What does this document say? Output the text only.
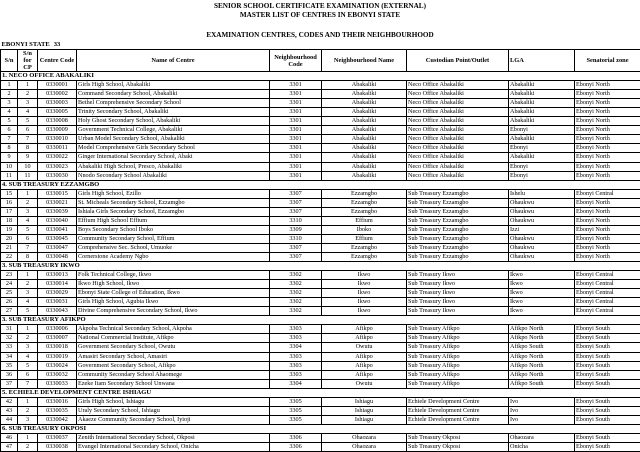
SENIOR SCHOOL CERTIFICATE EXAMINATION (EXTERNAL)
MASTER LIST OF CENTRES IN EBONYI STATE
EXAMINATION CENTRES, CODES AND THEIR NEIGHBOURHOOD
EBONYI STATE		33						
S/n	S/n for CP	Centre Code	Name of Centre	Neighbourhood Code	Neighbourhood Name	Custodian Point/Outlet	LGA	Senatorial zone

1. NECO OFFICE ABAKALIKI								
1	1	0330001	Girls High School, Abakaliki	3301	Abakaliki	Neco Office Abakaliki	Abakaliki	Ebonyi North
2	2	0330002	Command Secondary School, Abakaliki	3301	Abakaliki	Neco Office Abakaliki	Abakaliki	Ebonyi North
3	3	0330003	Bethel Comprehensive Secondary School	3301	Abakaliki	Neco Office Abakaliki	Abakaliki	Ebonyi North
4	4	0330005	Trinity Secondary School, Abakaliki	3301	Abakaliki	Neco Office Abakaliki	Abakaliki	Ebonyi North
5	5	0330008	Holy Ghost Secondary School, Abakaliki	3301	Abakaliki	Neco Office Abakaliki	Abakaliki	Ebonyi North
6	6	0330009	Government Technical College, Abakaliki	3301	Abakaliki	Neco Office Abakaliki	Ebonyi	Ebonyi North
7	7	0330010	Urban Model Secondary School, Abakaliki	3301	Abakaliki	Neco Office Abakaliki	Abakaliki	Ebonyi North
8	8	0330011	Model Comprehensive Girls Secondary School	3301	Abakaliki	Neco Office Abakaliki	Ebonyi	Ebonyi North
9	9	0330022	Ginger International Secondary School, Abaki	3301	Abakaliki	Neco Office Abakaliki	Abakaliki	Ebonyi North
10	10	0330023	Abakaliki High School, Presco, Abakaliki	3301	Abakaliki	Neco Office Abakaliki	Ebonyi	Ebonyi North
11	11	0330030	Nnodo Secondary School Abakaliki	3301	Abakaliki	Neco Office Abakaliki	Ebonyi	Ebonyi North
4. SUB TREASURY EZZAMGBO								
15	1	0330015	Girls High School, Ezillo	3307	Ezzamgbo	Sub Treasury Ezzamgbo	Ishelu	Ebonyi Central
16	2	0330021	St. Micheals Secondary School, Ezzamgbo	3307	Ezzamgbo	Sub Treasury Ezzamgbo	Ohaukwu	Ebonyi North
17	3	0330039	Ishiala Girls Secondary School, Ezzamgbo	3307	Ezzamgbo	Sub Treasury Ezzamgbo	Ohaukwu	Ebonyi North
18	4	0330040	Effium High School Effium	3310	Effium	Sub Treasury Ezzamgbo	Ohaukwu	Ebonyi North
19	5	0330041	Boys Secondary School Iboko	3309	Iboko	Sub Treasury Ezzamgbo	Izzi	Ebonyi North
20	6	0330045	Community Secondary School, Effium	3310	Effium	Sub Treasury Ezzamgbo	Ohaukwu	Ebonyi North
21	7	0330047	Comprehensive Sec. School, Umuoke	3307	Ezzamgbo	Sub Treasury Ezzamgbo	Ohaukwu	Ebonyi North
22	8	0330048	Cornerstone Academy Ngbo	3307	Ezzamgbo	Sub Treasury Ezzamgbo	Ohaukwu	Ebonyi North
3. SUB TREASURY IKWO								
23	1	0330013	Folk Technical College, Ikwo	3302	Ikwo	Sub Treasury Ikwo	Ikwo	Ebonyi Central
24	2	0330014	Ikwo High School, Ikwo	3302	Ikwo	Sub Treasury Ikwo	Ikwo	Ebonyi Central
25	3	0330029	Ebonyi State College of Education, Ikwo	3302	Ikwo	Sub Treasury Ikwo	Ikwo	Ebonyi Central
26	4	0330031	Girls High School, Agubia Ikwo	3302	Ikwo	Sub Treasury Ikwo	Ikwo	Ebonyi Central
27	5	0330043	Divine Comprehensive Secondary School, Ikwo	3302	Ikwo	Sub Treasury Ikwo	Ikwo	Ebonyi Central
3. SUB TREASURY AFIKPO								
31	1	0330006	Akpoha Technical Secondary School, Akpoha	3303	Afikpo	Sub Treasury Afikpo	Afikpo North	Ebonyi South
32	2	0330007	National Commercial Institute, Afikpo	3303	Afikpo	Sub Treasury Afikpo	Afikpo North	Ebonyi South
33	3	0330018	Government Secondary School, Owutu	3304	Owutu	Sub Treasury Afikpo	Afikpo South	Ebonyi South
34	4	0330019	Amasiri Secondary School, Amasiri	3303	Afikpo	Sub Treasury Afikpo	Afikpo North	Ebonyi South
35	5	0330024	Government Secondary School, Afikpo	3303	Afikpo	Sub Treasury Afikpo	Afikpo North	Ebonyi South
36	6	0330032	Community Secondary School Ahaomege	3303	Afikpo	Sub Treasury Afikpo	Afikpo North	Ebonyi South
37	7	0330033	Ezeke Itam Secondary School Unwana	3304	Owutu	Sub Treasury Afikpo	Afikpo South	Ebonyi South
5. ECHIELE DEVELOPMENT CENTRE ISHIAGU								
42	1	0330016	Girls High School, Ishiagu	3305	Ishiagu	Echiele Development Centre	Ivo	Ebonyi South
43	2	0330035	Uraly Secondary School, Ishiagu	3305	Ishiagu	Echiele Development Centre	Ivo	Ebonyi South
44	3	0330042	Akaeze Community Secondary School, Iyioji	3305	Ishiagu	Echiele Development Centre	Ivo	Ebonyi South
6. SUB TREASURY OKPOSI								
46	1	0330037	Zenith International Secondary School, Okposi	3306	Ohaozara	Sub Treasury Okposi	Ohaozara	Ebonyi South
47	2	0330038	Evangel International Secondary School, Onicha	3306	Ohaozara	Sub Treasury Okposi	Onicha	Ebonyi South
